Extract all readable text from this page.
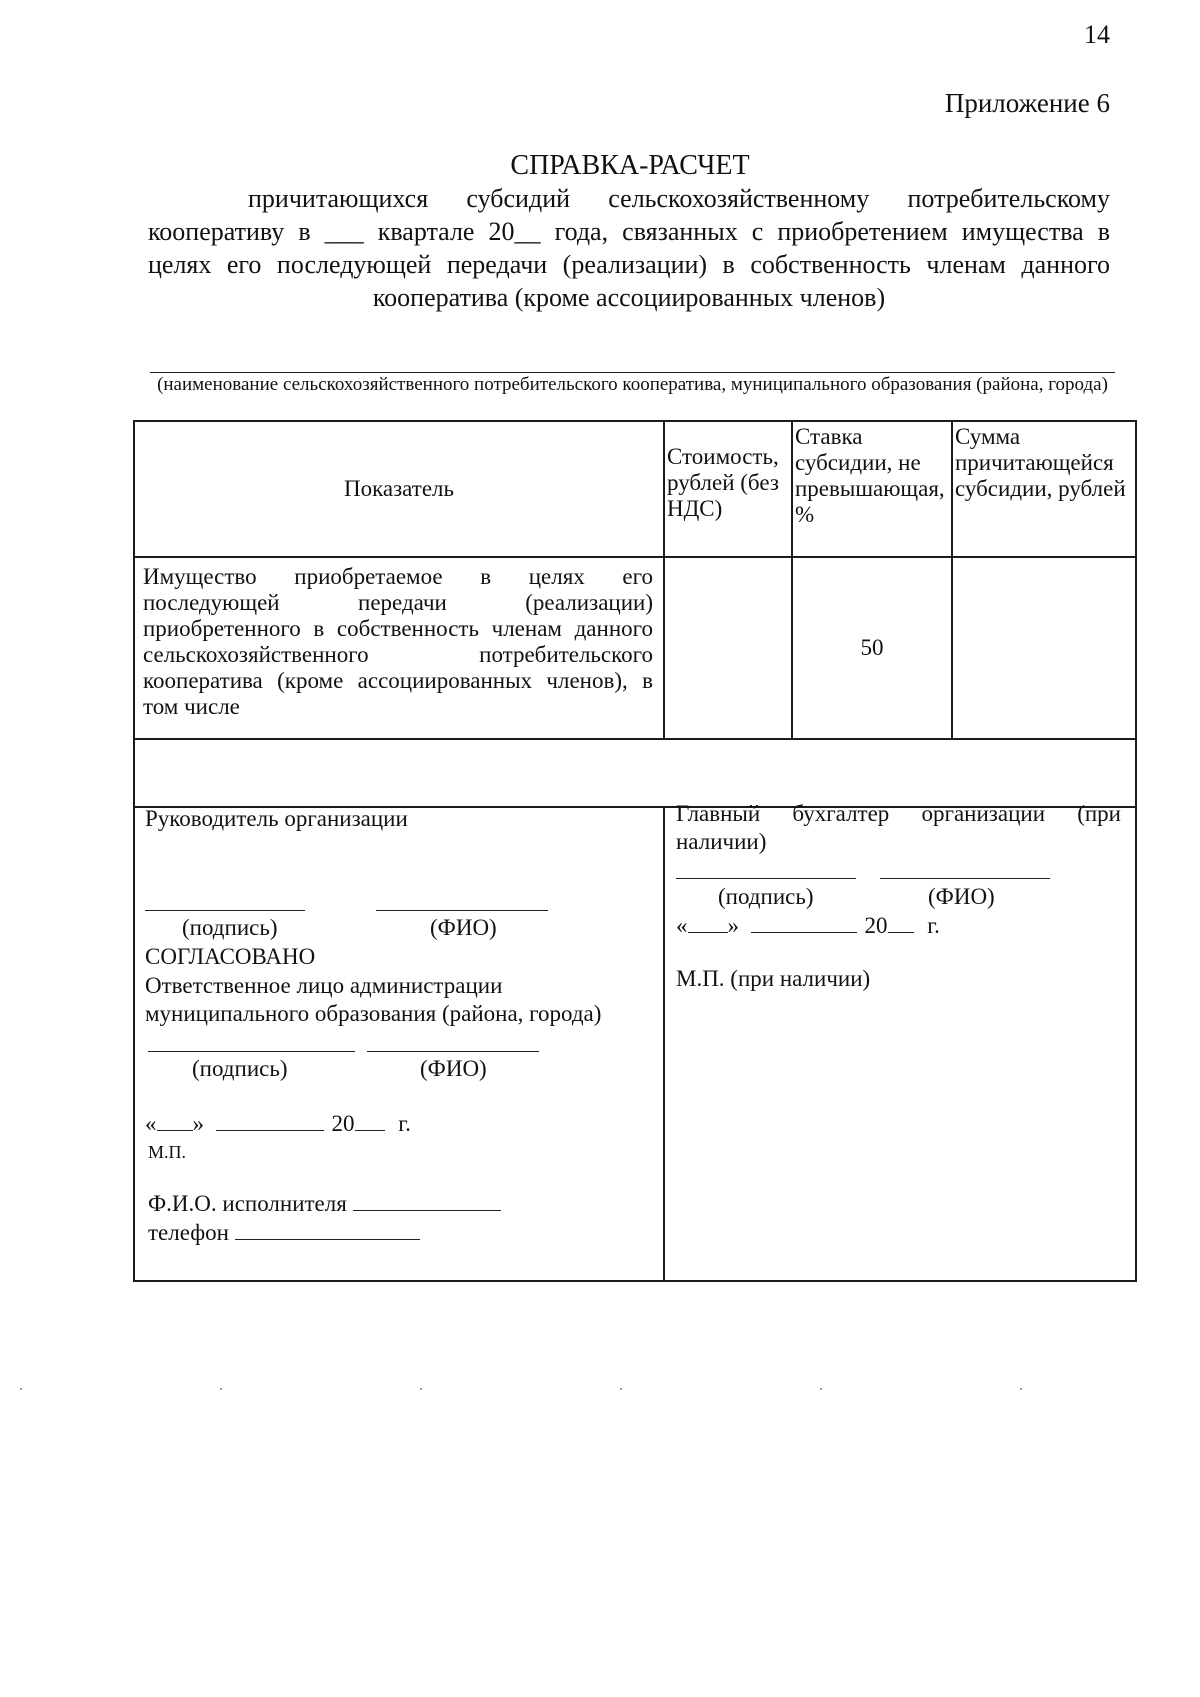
14
Приложение 6
СПРАВКА-РАСЧЕТ
причитающихся субсидий сельскохозяйственному потребительскому
кооперативу в ___ квартале 20__ года, связанных с приобретением имущества в
целях его последующей передачи (реализации) в собственность членам данного
кооператива (кроме ассоциированных членов)
(наименование сельскохозяйственного потребительского кооператива, муниципального образования (района, города)
Показатель	Стоимость, рублей (без НДС)	Ставка субсидии, не превышающая, %	Сумма причитающейся субсидии, рублей
Имущество приобретаемое в целях его последующей передачи (реализации) приобретенного в собственность членам данного сельскохозяйственного потребительского кооператива (кроме ассоциированных членов), в том числе		50	

Руководитель организации
(подпись)	(ФИО)
СОГЛАСОВАНО
Ответственное лицо администрации
муниципального образования (района, города)
(подпись)	(ФИО)
« »	20 г.
М.П.
Ф.И.О. исполнителя
телефон
Главный бухгалтер организации (при
наличии)
(подпись)	(ФИО)
« »	20 г.
М.П. (при наличии)
